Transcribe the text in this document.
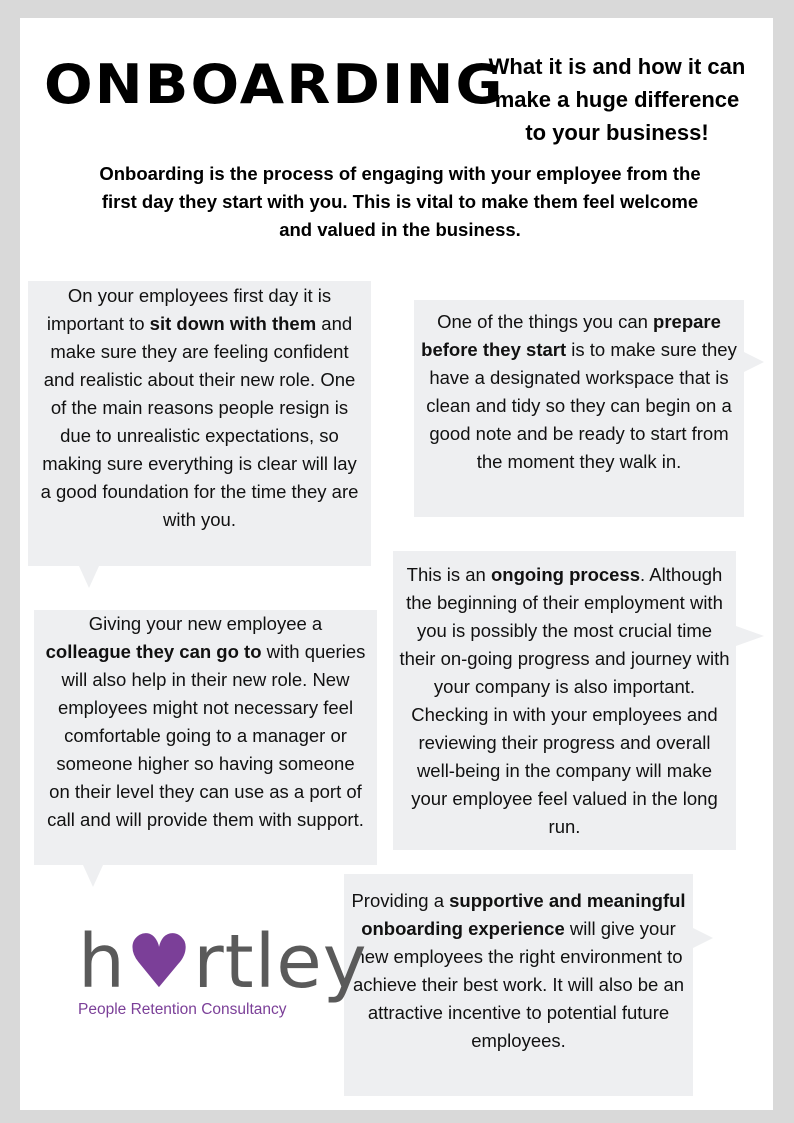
ONBOARDING
What it is and how it can
make a huge difference
to your business!
Onboarding is the process of engaging with your employee from the
first day they start with you. This is vital to make them feel welcome
and valued in the business.

On your employees first day it is important to sit down with them and make sure they are feeling confident and realistic about their new role. One of the main reasons people resign is due to unrealistic expectations, so making sure everything is clear will lay a good foundation for the time they are with you.

One of the things you can prepare before they start is to make sure they have a designated workspace that is clean and tidy so they can begin on a good note and be ready to start from the moment they walk in.

This is an ongoing process. Although the beginning of their employment with you is possibly the most crucial time their on-going progress and journey with your company is also important. Checking in with your employees and reviewing their progress and overall well-being in the company will make your employee feel valued in the long run.

Giving your new employee a colleague they can go to with queries will also help in their new role. New employees might not necessary feel comfortable going to a manager or someone higher so having someone on their level they can use as a port of call and will provide them with support.

Providing a supportive and meaningful onboarding experience will give your new employees the right environment to achieve their best work. It will also be an attractive incentive to potential future employees.

h♥rtley
People Retention Consultancy
